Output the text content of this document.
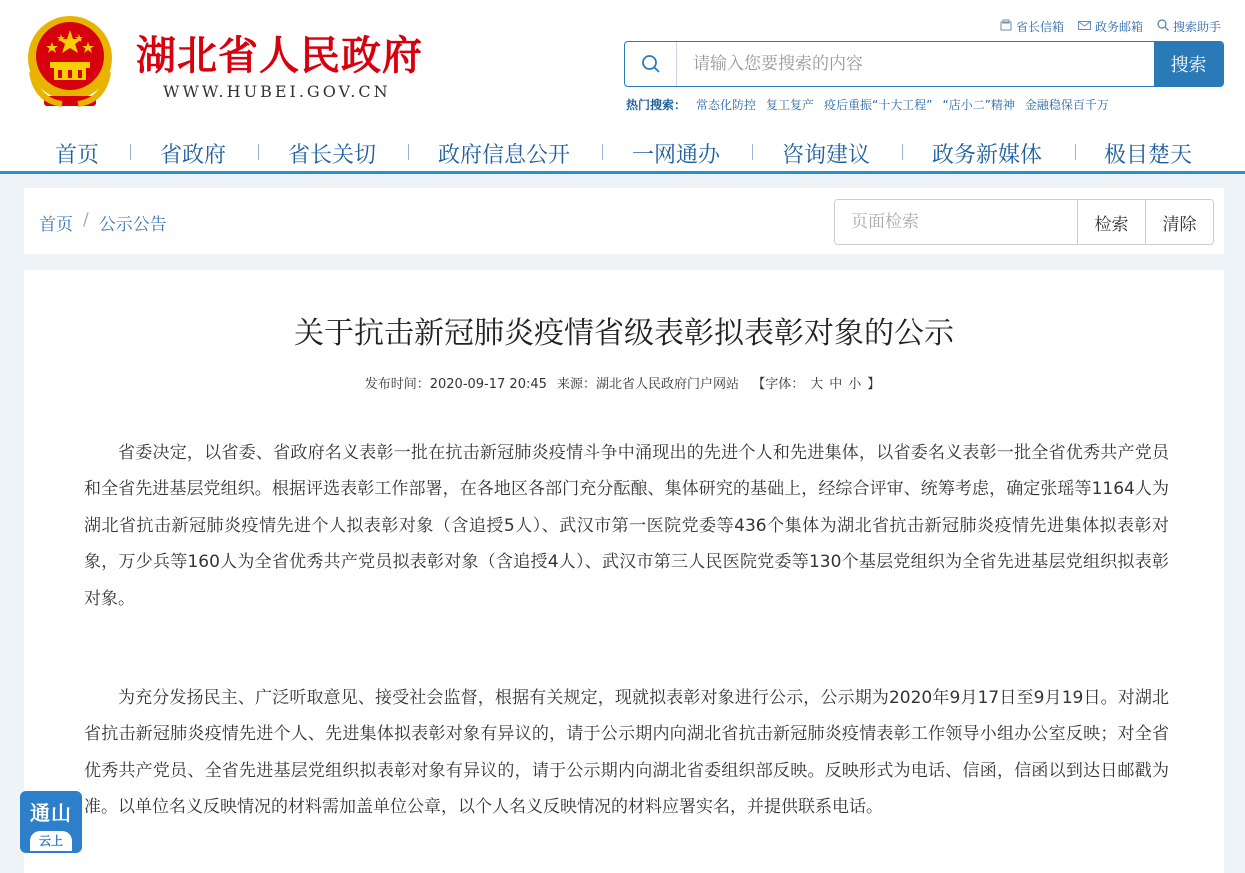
湖北省人民政府
WWW.HUBEI.GOV.CN
省长信箱	政务邮箱	搜索助手
请输入您要搜索的内容
搜索
热门搜索： 常态化防控 复工复产 疫后重振“十大工程” “店小二”精神 金融稳保百千万
首页	省政府	省长关切	政府信息公开	一网通办	咨询建议	政务新媒体	极目楚天
首页 / 公示公告
页面检索	检索	清除
关于抗击新冠肺炎疫情省级表彰拟表彰对象的公示
发布时间：2020-09-17 20:45 来源：湖北省人民政府门户网站 【字体： 大 中 小 】

省委决定，以省委、省政府名义表彰一批在抗击新冠肺炎疫情斗争中涌现出的先进个人和先进集体，以省委名义表彰一批全省优秀共产党员和全省先进基层党组织。根据评选表彰工作部署，在各地区各部门充分酝酿、集体研究的基础上，经综合评审、统筹考虑，确定张瑶等1164人为湖北省抗击新冠肺炎疫情先进个人拟表彰对象（含追授5人）、武汉市第一医院党委等436个集体为湖北省抗击新冠肺炎疫情先进集体拟表彰对象，万少兵等160人为全省优秀共产党员拟表彰对象（含追授4人）、武汉市第三人民医院党委等130个基层党组织为全省先进基层党组织拟表彰对象。

为充分发扬民主、广泛听取意见、接受社会监督，根据有关规定，现就拟表彰对象进行公示，公示期为2020年9月17日至9月19日。对湖北省抗击新冠肺炎疫情先进个人、先进集体拟表彰对象有异议的，请于公示期内向湖北省抗击新冠肺炎疫情表彰工作领导小组办公室反映；对全省优秀共产党员、全省先进基层党组织拟表彰对象有异议的，请于公示期内向湖北省委组织部反映。反映形式为电话、信函，信函以到达日邮戳为准。以单位名义反映情况的材料需加盖单位公章，以个人名义反映情况的材料应署实名，并提供联系电话。

通山
云上
